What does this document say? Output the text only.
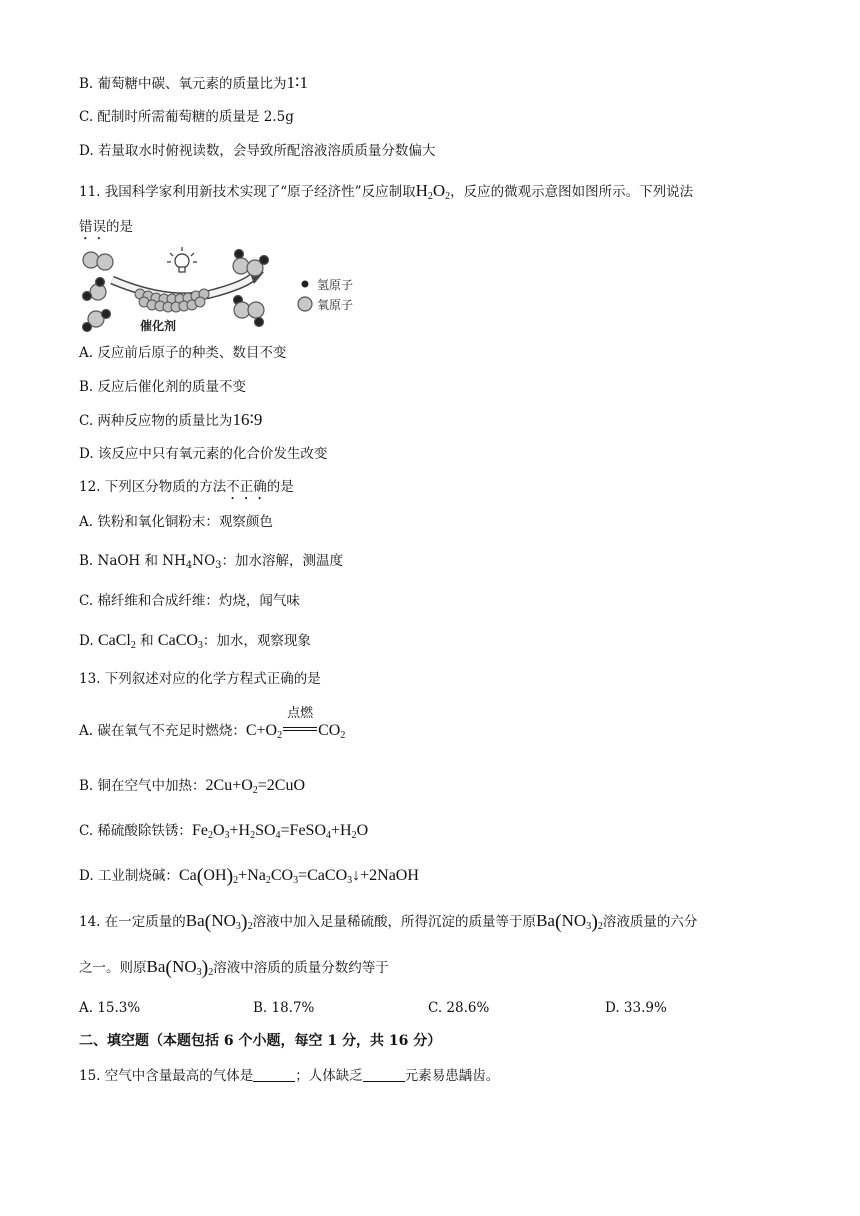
B. 葡萄糖中碳、氧元素的质量比为1∶1
C. 配制时所需葡萄糖的质量是 2.5g
D. 若量取水时俯视读数，会导致所配溶液溶质质量分数偏大
11. 我国科学家利用新技术实现了“原子经济性”反应制取$H_2O_2$，反应的微观示意图如图所示。下列说法
错误的是
氢原子
氧原子
催化剂
A. 反应前后原子的种类、数目不变
B. 反应后催化剂的质量不变
C. 两种反应物的质量比为16∶9
D. 该反应中只有氧元素的化合价发生改变
12. 下列区分物质的方法不正确的是
A. 铁粉和氧化铜粉末：观察颜色
B. NaOH 和 $NH_4NO_3$：加水溶解，测温度
C. 棉纤维和合成纤维：灼烧，闻气味
D. CaCl$_2$ 和 CaCO$_3$：加水，观察现象
13. 下列叙述对应的化学方程式正确的是
A. 碳在氧气不充足时燃烧：$C+O_2$
点燃
$CO_2$
B. 铜在空气中加热：$2Cu+O_2=2CuO$
C. 稀硫酸除铁锈：$Fe_2O_3+H_2SO_4=FeSO_4+H_2O$
D. 工业制烧碱：$Ca(OH)_2+Na_2CO_3=CaCO_3↓+2NaOH$
14. 在一定质量的$Ba(NO_3)_2$溶液中加入足量稀硫酸，所得沉淀的质量等于原$Ba(NO_3)_2$溶液质量的六分
之一。则原$Ba(NO_3)_2$溶液中溶质的质量分数约等于
A. 15.3%	B. 18.7%	C. 28.6%	D. 33.9%
二、填空题（本题包括 6 个小题，每空 1 分，共 16 分）
15. 空气中含量最高的气体是	；人体缺乏	元素易患龋齿。
